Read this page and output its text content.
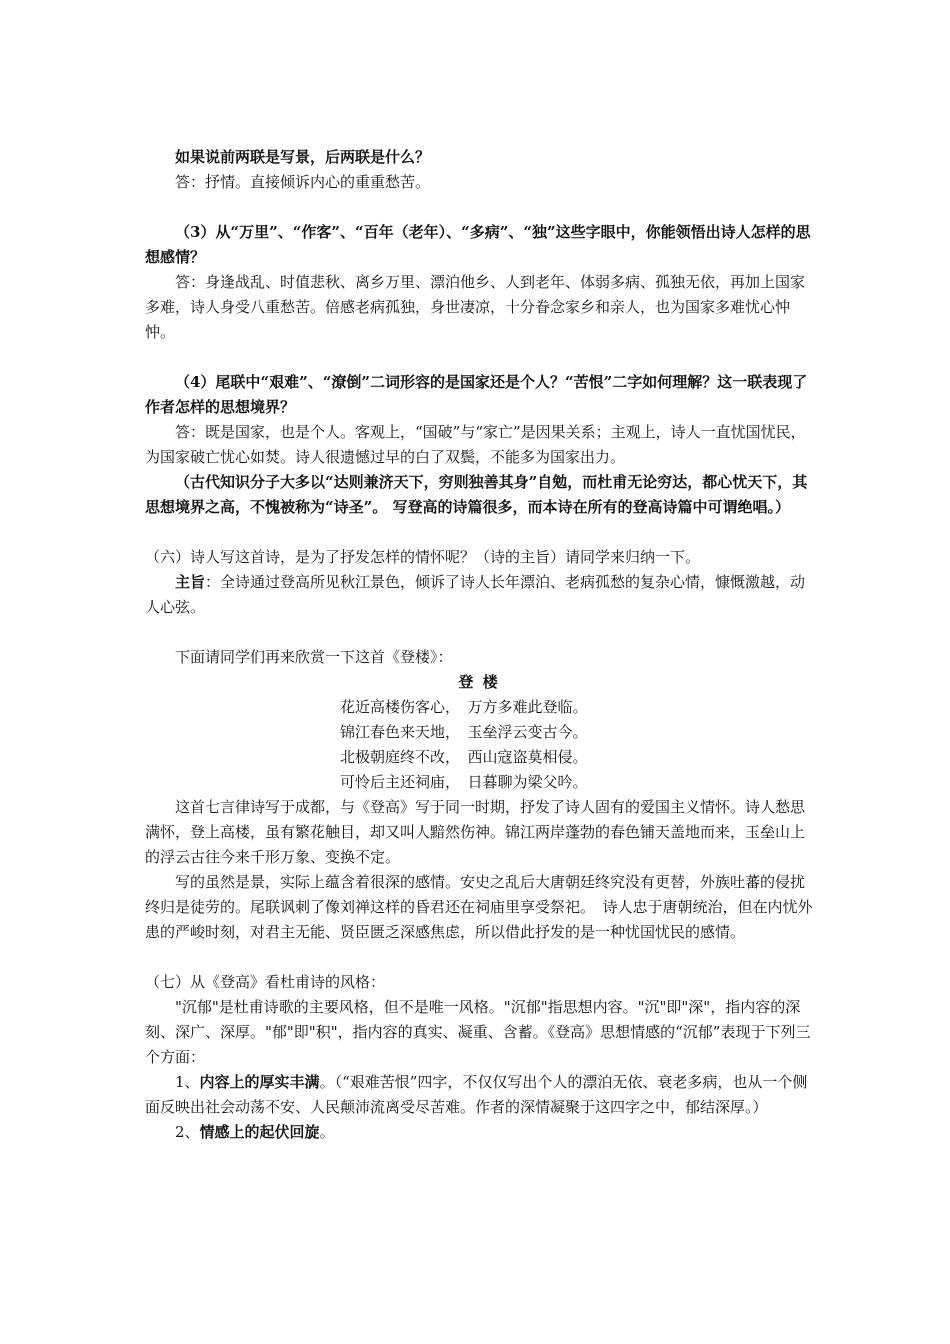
如果说前两联是写景，后两联是什么？

答：抒情。直接倾诉内心的重重愁苦。

（3）从“万里”、“作客”、“百年（老年）、“多病”、“独”这些字眼中，你能领悟出诗人怎样的思想感情？

答：身逢战乱、时值悲秋、离乡万里、漂泊他乡、人到老年、体弱多病、孤独无依，再加上国家多难，诗人身受八重愁苦。倍感老病孤独，身世凄凉，十分眷念家乡和亲人，也为国家多难忧心忡忡。

（4）尾联中“艰难”、“潦倒”二词形容的是国家还是个人？“苦恨”二字如何理解？这一联表现了作者怎样的思想境界？

答：既是国家，也是个人。客观上，“国破”与“家亡”是因果关系；主观上，诗人一直忧国忧民，为国家破亡忧心如焚。诗人很遗憾过早的白了双鬓，不能多为国家出力。

（古代知识分子大多以“达则兼济天下，穷则独善其身”自勉，而杜甫无论穷达，都心忧天下，其思想境界之高，不愧被称为“诗圣”。 写登高的诗篇很多，而本诗在所有的登高诗篇中可谓绝唱。）

（六）诗人写这首诗，是为了抒发怎样的情怀呢？（诗的主旨）请同学来归纳一下。

主旨：全诗通过登高所见秋江景色，倾诉了诗人长年漂泊、老病孤愁的复杂心情，慷慨激越，动人心弦。

下面请同学们再来欣赏一下这首《登楼》：

登 楼

花近高楼伤客心，　万方多难此登临。

锦江春色来天地，　玉垒浮云变古今。

北极朝庭终不改，　西山寇盗莫相侵。

可怜后主还祠庙，　日暮聊为梁父吟。

这首七言律诗写于成都，与《登高》写于同一时期，抒发了诗人固有的爱国主义情怀。诗人愁思满怀，登上高楼，虽有繁花触目，却又叫人黯然伤神。锦江两岸蓬勃的春色铺天盖地而来，玉垒山上的浮云古往今来千形万象、变换不定。

写的虽然是景，实际上蕴含着很深的感情。安史之乱后大唐朝廷终究没有更替，外族吐蕃的侵扰终归是徒劳的。尾联讽刺了像刘禅这样的昏君还在祠庙里享受祭祀。　诗人忠于唐朝统治，但在内忧外患的严峻时刻，对君主无能、贤臣匮乏深感焦虑，所以借此抒发的是一种忧国忧民的感情。

（七）从《登高》看杜甫诗的风格：

"沉郁"是杜甫诗歌的主要风格，但不是唯一风格。"沉郁"指思想内容。"沉"即"深"，指内容的深刻、深广、深厚。"郁"即"积"，指内容的真实、凝重、含蓄。《登高》思想情感的“沉郁”表现于下列三个方面：

1、内容上的厚实丰满。（“艰难苦恨”四字，不仅仅写出个人的漂泊无依、衰老多病，也从一个侧面反映出社会动荡不安、人民颠沛流离受尽苦难。作者的深情凝聚于这四字之中，郁结深厚。）

2、情感上的起伏回旋。
